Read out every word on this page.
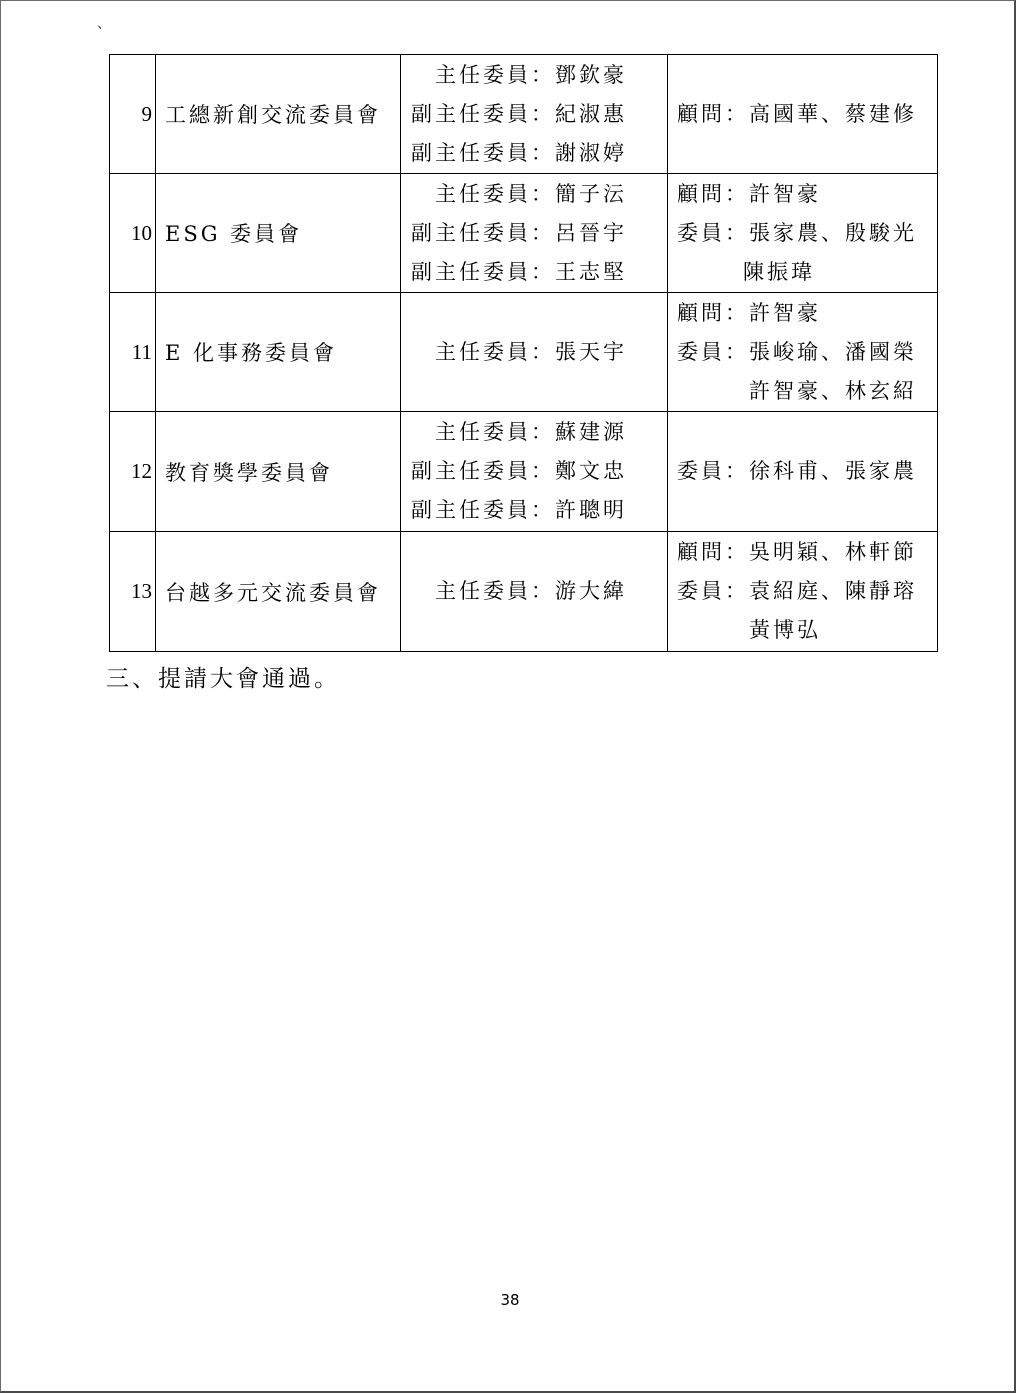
、
9	工總新創交流委員會	主任委員：鄧欽豪
副主任委員：紀淑惠
副主任委員：謝淑婷	顧問：高國華、蔡建修

10	ESG 委員會	主任委員：簡子沄
副主任委員：呂晉宇
副主任委員：王志堅	顧問：許智豪
委員：張家農、殷駿光
陳振瑋

11	E 化事務委員會	主任委員：張天宇	顧問：許智豪
委員：張峻瑜、潘國榮
許智豪、林玄紹

12	教育獎學委員會	主任委員：蘇建源
副主任委員：鄭文忠
副主任委員：許聰明	委員：徐科甫、張家農

13	台越多元交流委員會	主任委員：游大緯	顧問：吳明穎、林軒節
委員：袁紹庭、陳靜瑢
黃博弘
三、提請大會通過。
38
